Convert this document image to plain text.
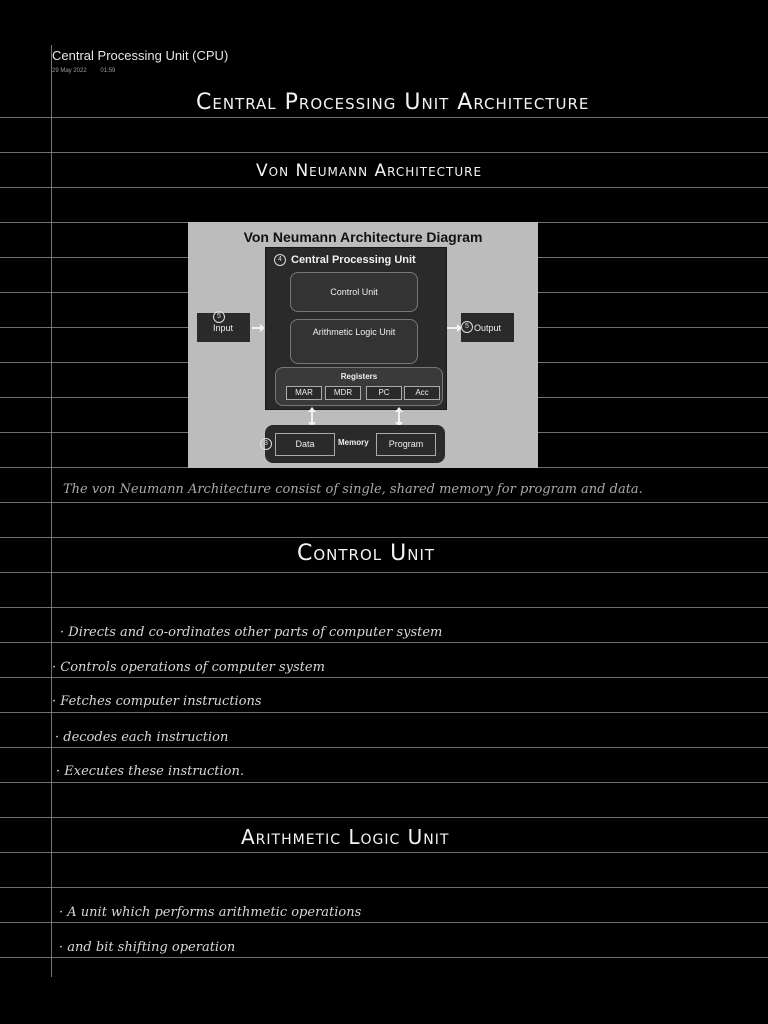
Central Processing Unit (CPU)
29 May 2022 01:59
Central Processing Unit Architecture
Von Neumann Architecture
Von Neumann Architecture Diagram
5
Input
4 Central Processing Unit
Control Unit
Arithmetic Logic Unit
Registers
MAR	MDR	PC	Acc
5 Output
3	Data	Memory	Program
The von Neumann Architecture consist of single, shared memory for program and data.
Control Unit
· Directs and co-ordinates other parts of computer system
· Controls operations of computer system
· Fetches computer instructions
· decodes each instruction
· Executes these instruction.
Arithmetic Logic Unit
· A unit which performs arithmetic operations
· and bit shifting operation
